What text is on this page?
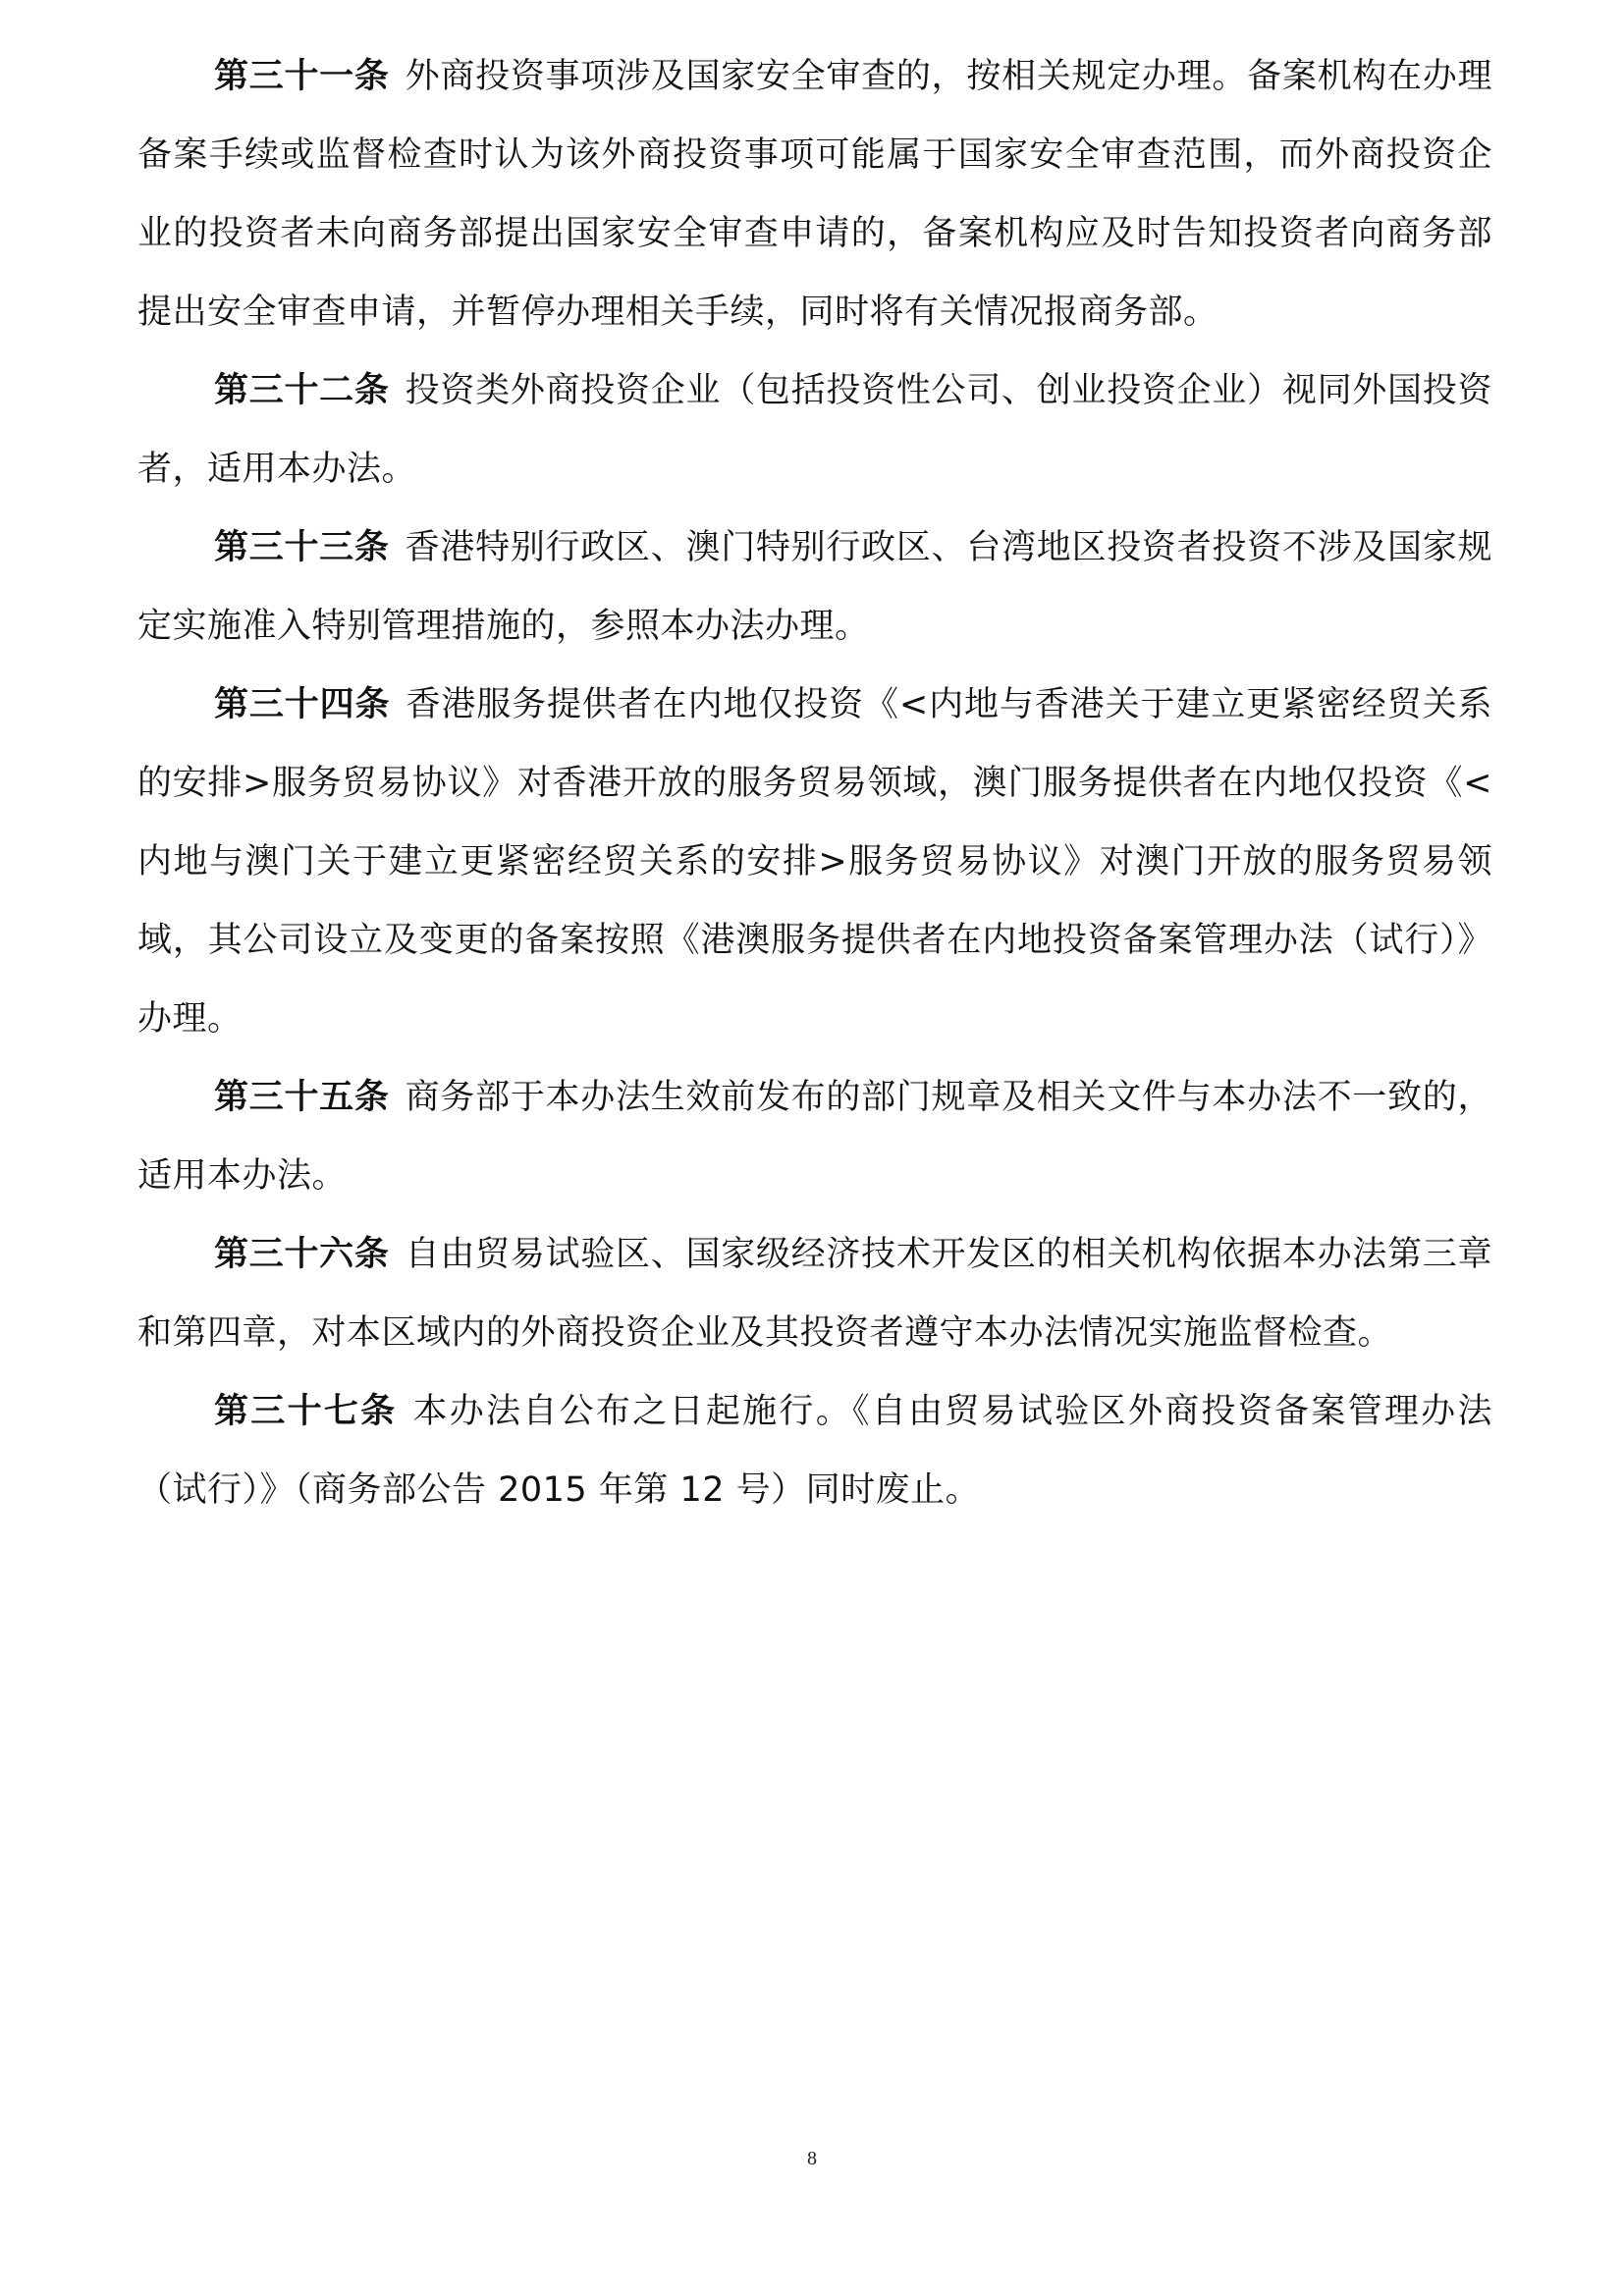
第三十一条 外商投资事项涉及国家安全审查的，按相关规定办理。备案机构在办理备案手续或监督检查时认为该外商投资事项可能属于国家安全审查范围，而外商投资企业的投资者未向商务部提出国家安全审查申请的，备案机构应及时告知投资者向商务部提出安全审查申请，并暂停办理相关手续，同时将有关情况报商务部。

第三十二条 投资类外商投资企业（包括投资性公司、创业投资企业）视同外国投资者，适用本办法。

第三十三条 香港特别行政区、澳门特别行政区、台湾地区投资者投资不涉及国家规定实施准入特别管理措施的，参照本办法办理。

第三十四条 香港服务提供者在内地仅投资《<内地与香港关于建立更紧密经贸关系的安排>服务贸易协议》对香港开放的服务贸易领域，澳门服务提供者在内地仅投资《<内地与澳门关于建立更紧密经贸关系的安排>服务贸易协议》对澳门开放的服务贸易领域，其公司设立及变更的备案按照《港澳服务提供者在内地投资备案管理办法（试行）》办理。

第三十五条 商务部于本办法生效前发布的部门规章及相关文件与本办法不一致的，适用本办法。

第三十六条 自由贸易试验区、国家级经济技术开发区的相关机构依据本办法第三章和第四章，对本区域内的外商投资企业及其投资者遵守本办法情况实施监督检查。

第三十七条 本办法自公布之日起施行。《自由贸易试验区外商投资备案管理办法（试行）》（商务部公告 2015 年第 12 号）同时废止。

8
